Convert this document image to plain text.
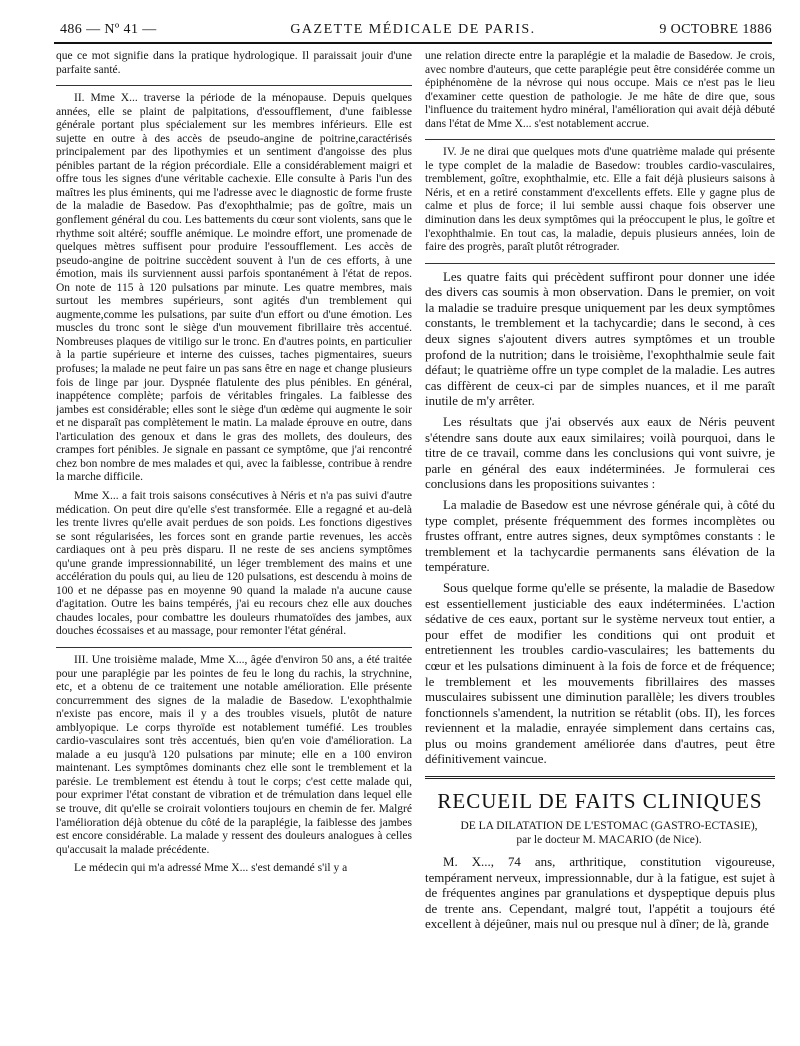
486 — Nº 41 —	GAZETTE MÉDICALE DE PARIS.	9 OCTOBRE 1886

que ce mot signifie dans la pratique hydrologique. Il paraissait jouir d'une parfaite santé.

II. Mme X... traverse la période de la ménopause. Depuis quelques années, elle se plaint de palpitations, d'essoufflement, d'une faiblesse générale portant plus spécialement sur les membres inférieurs. Elle est sujette en outre à des accès de pseudo-angine de poitrine,caractérisés principalement par des lipothymies et un sentiment d'angoisse des plus pénibles partant de la région précordiale. Elle a considérablement maigri et offre tous les signes d'une véritable cachexie. Elle consulte à Paris l'un des maîtres les plus éminents, qui me l'adresse avec le diagnostic de forme fruste de la maladie de Basedow. Pas d'exophthalmie; pas de goître, mais un gonflement général du cou. Les battements du cœur sont violents, sans que le rhythme soit altéré; souffle anémique. Le moindre effort, une promenade de quelques mètres suffisent pour produire l'essoufflement. Les accès de pseudo-angine de poitrine succèdent souvent à l'un de ces efforts, à une émotion, mais ils surviennent aussi parfois spontanément à l'état de repos. On note de 115 à 120 pulsations par minute. Les quatre membres, mais surtout les membres supérieurs, sont agités d'un tremblement qui augmente,comme les pulsations, par suite d'un effort ou d'une émotion. Les muscles du tronc sont le siège d'un mouvement fibrillaire très accentué. Nombreuses plaques de vitiligo sur le tronc. En d'autres points, en particulier à la partie supérieure et interne des cuisses, taches pigmentaires, sueurs profuses; la malade ne peut faire un pas sans être en nage et change plusieurs fois de linge par jour. Dyspnée flatulente des plus pénibles. En général, inappétence complète; parfois de véritables fringales. La faiblesse des jambes est considérable; elles sont le siège d'un œdème qui augmente le soir et ne disparaît pas complètement le matin. La malade éprouve en outre, dans l'articulation des genoux et dans le gras des mollets, des douleurs, des crampes fort pénibles. Je signale en passant ce symptôme, que j'ai rencontré chez bon nombre de mes malades et qui, avec la faiblesse, contribue à rendre la marche difficile.

Mme X... a fait trois saisons consécutives à Néris et n'a pas suivi d'autre médication. On peut dire qu'elle s'est transformée. Elle a regagné et au-delà les trente livres qu'elle avait perdues de son poids. Les fonctions digestives se sont régularisées, les forces sont en grande partie revenues, les accès cardiaques ont à peu près disparu. Il ne reste de ses anciens symptômes qu'une grande impressionnabilité, un léger tremblement des mains et une accélération du pouls qui, au lieu de 120 pulsations, est descendu à moins de 100 et ne dépasse pas en moyenne 90 quand la malade n'a aucune cause d'agitation. Outre les bains tempérés, j'ai eu recours chez elle aux douches chaudes locales, pour combattre les douleurs rhumatoïdes des jambes, aux douches écossaises et au massage, pour remonter l'état général.

III. Une troisième malade, Mme X..., âgée d'environ 50 ans, a été traitée pour une paraplégie par les pointes de feu le long du rachis, la strychnine, etc, et a obtenu de ce traitement une notable amélioration. Elle présente concurremment des signes de la maladie de Basedow. L'exophthalmie n'existe pas encore, mais il y a des troubles visuels, plutôt de nature amblyopique. Le corps thyroïde est notablement tuméfié. Les troubles cardio-vasculaires sont très accentués, bien qu'en voie d'amélioration. La malade a eu jusqu'à 120 pulsations par minute; elle en a 100 environ maintenant. Les symptômes dominants chez elle sont le tremblement et la parésie. Le tremblement est étendu à tout le corps; c'est cette malade qui, pour exprimer l'état constant de vibration et de trémulation dans lequel elle se trouve, dit qu'elle se croirait volontiers toujours en chemin de fer. Malgré l'amélioration déjà obtenue du côté de la paraplégie, la faiblesse des jambes est encore considérable. La malade y ressent des douleurs analogues à celles qu'accusait la malade précédente.

Le médecin qui m'a adressé Mme X... s'est demandé s'il y a

une relation directe entre la paraplégie et la maladie de Basedow. Je crois, avec nombre d'auteurs, que cette paraplégie peut être considérée comme un épiphénomène de la névrose qui nous occupe. Mais ce n'est pas le lieu d'examiner cette question de pathologie. Je me hâte de dire que, sous l'influence du traitement hydro minéral, l'amélioration qui avait déjà débuté dans l'état de Mme X... s'est notablement accrue.

IV. Je ne dirai que quelques mots d'une quatrième malade qui présente le type complet de la maladie de Basedow: troubles cardio-vasculaires, tremblement, goître, exophthalmie, etc. Elle a fait déjà plusieurs saisons à Néris, et en a retiré constamment d'excellents effets. Elle y gagne plus de calme et plus de force; il lui semble aussi chaque fois observer une diminution dans les deux symptômes qui la préoccupent le plus, le goître et l'exophthalmie. En tout cas, la maladie, depuis plusieurs années, loin de faire des progrès, paraît plutôt rétrograder.

Les quatre faits qui précèdent suffiront pour donner une idée des divers cas soumis à mon observation. Dans le premier, on voit la maladie se traduire presque uniquement par les deux symptômes constants, le tremblement et la tachycardie; dans le second, à ces deux signes s'ajoutent divers autres symptômes et un trouble profond de la nutrition; dans le troisième, l'exophthalmie seule fait défaut; le quatrième offre un type complet de la maladie. Les autres cas diffèrent de ceux-ci par de simples nuances, et il me paraît inutile de m'y arrêter.

Les résultats que j'ai observés aux eaux de Néris peuvent s'étendre sans doute aux eaux similaires; voilà pourquoi, dans le titre de ce travail, comme dans les conclusions qui vont suivre, je parle en général des eaux indéterminées. Je formulerai ces conclusions dans les propositions suivantes :

La maladie de Basedow est une névrose générale qui, à côté du type complet, présente fréquemment des formes incomplètes ou frustes offrant, entre autres signes, deux symptômes constants : le tremblement et la tachycardie permanents sans élévation de la température.

Sous quelque forme qu'elle se présente, la maladie de Basedow est essentiellement justiciable des eaux indéterminées. L'action sédative de ces eaux, portant sur le système nerveux tout entier, a pour effet de modifier les conditions qui ont produit et entretiennent les troubles cardio-vasculaires; les battements du cœur et les pulsations diminuent à la fois de force et de fréquence; le tremblement et les mouvements fibrillaires des masses musculaires subissent une diminution parallèle; les divers troubles fonctionnels s'amendent, la nutrition se rétablit (obs. II), les forces reviennent et la maladie, enrayée simplement dans certains cas, plus ou moins grandement améliorée dans d'autres, peut être définitivement vaincue.

RECUEIL DE FAITS CLINIQUES

DE LA DILATATION DE L'ESTOMAC (GASTRO-ECTASIE),

par le docteur M. MACARIO (de Nice).

M. X..., 74 ans, arthritique, constitution vigoureuse, tempérament nerveux, impressionnable, dur à la fatigue, est sujet à de fréquentes angines par granulations et dyspeptique depuis plus de trente ans. Cependant, malgré tout, l'appétit a toujours été excellent à déjeûner, mais nul ou presque nul à dîner; de là, grande
